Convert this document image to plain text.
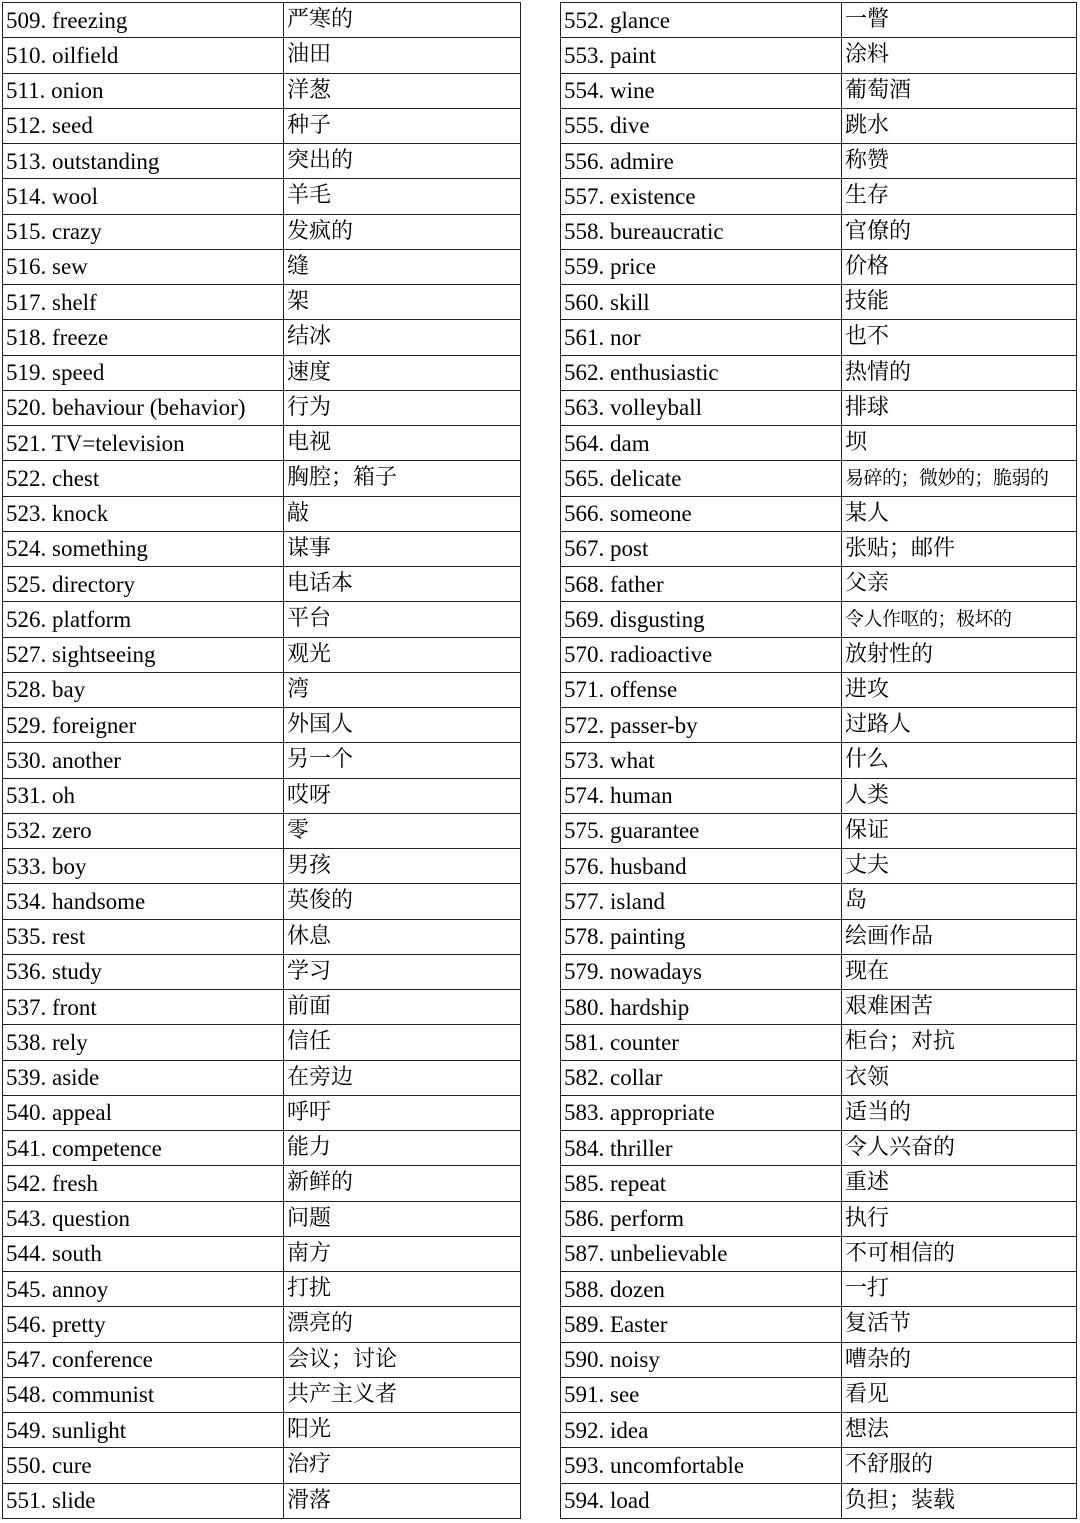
509. freezing	严寒的
510. oilfield	油田
511. onion	洋葱
512. seed	种子
513. outstanding	突出的
514. wool	羊毛
515. crazy	发疯的
516. sew	缝
517. shelf	架
518. freeze	结冰
519. speed	速度
520. behaviour (behavior)	行为
521. TV=television	电视
522. chest	胸腔；箱子
523. knock	敲
524. something	谋事
525. directory	电话本
526. platform	平台
527. sightseeing	观光
528. bay	湾
529. foreigner	外国人
530. another	另一个
531. oh	哎呀
532. zero	零
533. boy	男孩
534. handsome	英俊的
535. rest	休息
536. study	学习
537. front	前面
538. rely	信任
539. aside	在旁边
540. appeal	呼吁
541. competence	能力
542. fresh	新鲜的
543. question	问题
544. south	南方
545. annoy	打扰
546. pretty	漂亮的
547. conference	会议；讨论
548. communist	共产主义者
549. sunlight	阳光
550. cure	治疗
551. slide	滑落
552. glance	一瞥
553. paint	涂料
554. wine	葡萄酒
555. dive	跳水
556. admire	称赞
557. existence	生存
558. bureaucratic	官僚的
559. price	价格
560. skill	技能
561. nor	也不
562. enthusiastic	热情的
563. volleyball	排球
564. dam	坝
565. delicate	易碎的；微妙的；脆弱的
566. someone	某人
567. post	张贴；邮件
568. father	父亲
569. disgusting	令人作呕的；极坏的
570. radioactive	放射性的
571. offense	进攻
572. passer-by	过路人
573. what	什么
574. human	人类
575. guarantee	保证
576. husband	丈夫
577. island	岛
578. painting	绘画作品
579. nowadays	现在
580. hardship	艰难困苦
581. counter	柜台；对抗
582. collar	衣领
583. appropriate	适当的
584. thriller	令人兴奋的
585. repeat	重述
586. perform	执行
587. unbelievable	不可相信的
588. dozen	一打
589. Easter	复活节
590. noisy	嘈杂的
591. see	看见
592. idea	想法
593. uncomfortable	不舒服的
594. load	负担；装载
